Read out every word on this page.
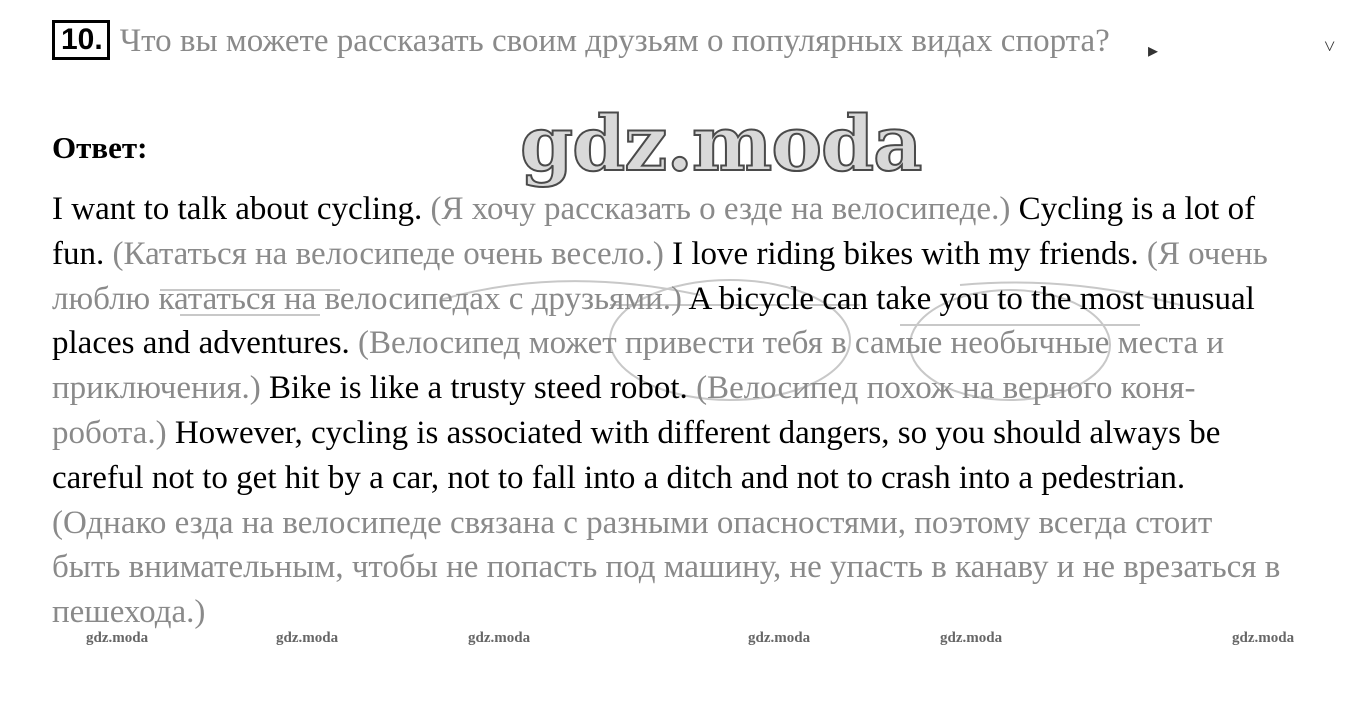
10. Что вы можете рассказать своим друзьям о популярных видах спорта?	▸	˅
Ответ:	gdz.moda
I want to talk about cycling. (Я хочу рассказать о езде на велосипеде.) Cycling is a lot of fun. (Кататься на велосипеде очень весело.) I love riding bikes with my friends. (Я очень люблю кататься на велосипедах с друзьями.) A bicycle can take you to the most unusual places and adventures. (Велосипед может привести тебя в самые необычные места и приключения.) Bike is like a trusty steed robot. (Велосипед похож на верного коня-робота.) However, cycling is associated with different dangers, so you should always be careful not to get hit by a car, not to fall into a ditch and not to crash into a pedestrian. (Однако езда на велосипеде связана с разными опасностями, поэтому всегда стоит быть внимательным, чтобы не попасть под машину, не упасть в канаву и не врезаться в пешехода.)
gdz.moda	gdz.moda	gdz.moda	gdz.moda	gdz.moda	gdz.moda
